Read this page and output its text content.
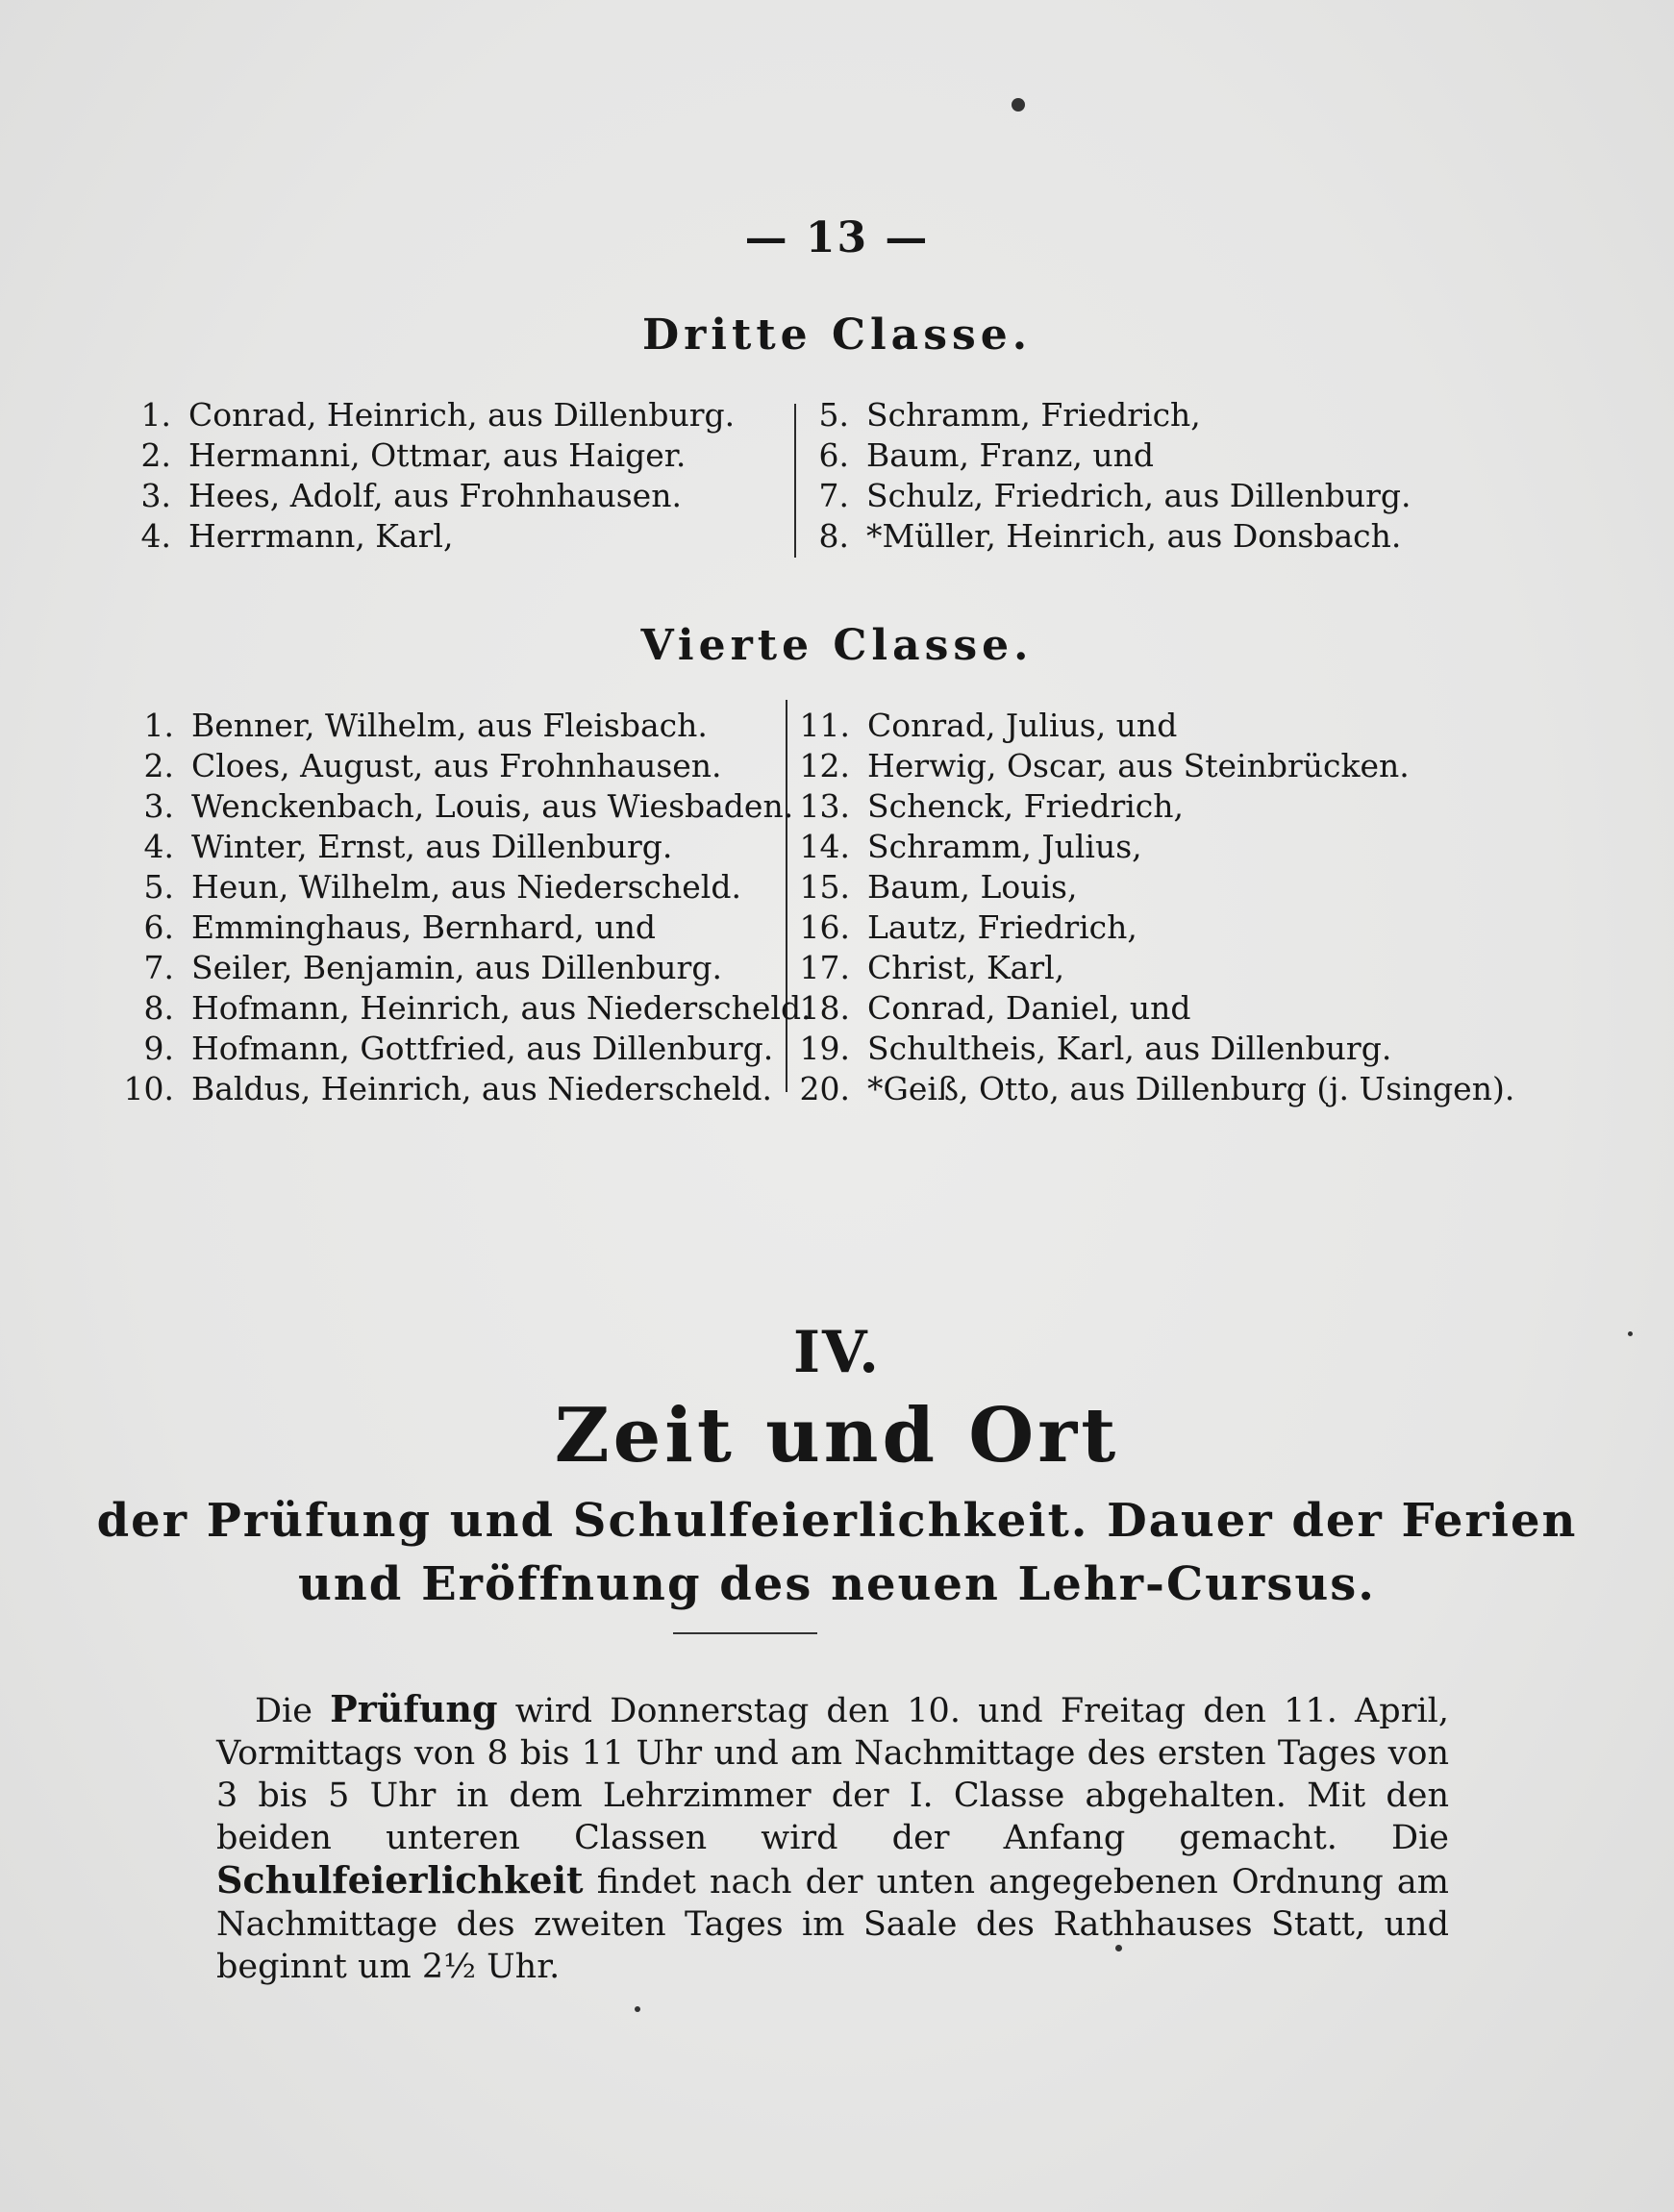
— 13 —
Dritte Classe.
1. Conrad, Heinrich, aus Dillenburg.
2. Hermanni, Ottmar, aus Haiger.
3. Hees, Adolf, aus Frohnhausen.
4. Herrmann, Karl,
5. Schramm, Friedrich,
6. Baum, Franz, und
7. Schulz, Friedrich, aus Dillenburg.
8. *Müller, Heinrich, aus Donsbach.
Vierte Classe.
1. Benner, Wilhelm, aus Fleisbach.
2. Cloes, August, aus Frohnhausen.
3. Wenckenbach, Louis, aus Wiesbaden.
4. Winter, Ernst, aus Dillenburg.
5. Heun, Wilhelm, aus Niederscheld.
6. Emminghaus, Bernhard, und
7. Seiler, Benjamin, aus Dillenburg.
8. Hofmann, Heinrich, aus Niederscheld.
9. Hofmann, Gottfried, aus Dillenburg.
10. Baldus, Heinrich, aus Niederscheld.
11. Conrad, Julius, und
12. Herwig, Oscar, aus Steinbrücken.
13. Schenck, Friedrich,
14. Schramm, Julius,
15. Baum, Louis,
16. Lautz, Friedrich,
17. Christ, Karl,
18. Conrad, Daniel, und
19. Schultheis, Karl, aus Dillenburg.
20. *Geiß, Otto, aus Dillenburg (j. Usingen).
IV.
Zeit und Ort
der Prüfung und Schulfeierlichkeit. Dauer der Ferien
und Eröffnung des neuen Lehr-Cursus.
Die Prüfung wird Donnerstag den 10. und Freitag den 11. April, Vormittags von 8 bis 11 Uhr und am Nachmittage des ersten Tages von 3 bis 5 Uhr in dem Lehrzimmer der I. Classe abgehalten. Mit den beiden unteren Classen wird der Anfang gemacht. Die Schulfeierlichkeit findet nach der unten angegebenen Ordnung am Nachmittage des zweiten Tages im Saale des Rathhauses Statt, und beginnt um 2½ Uhr.
